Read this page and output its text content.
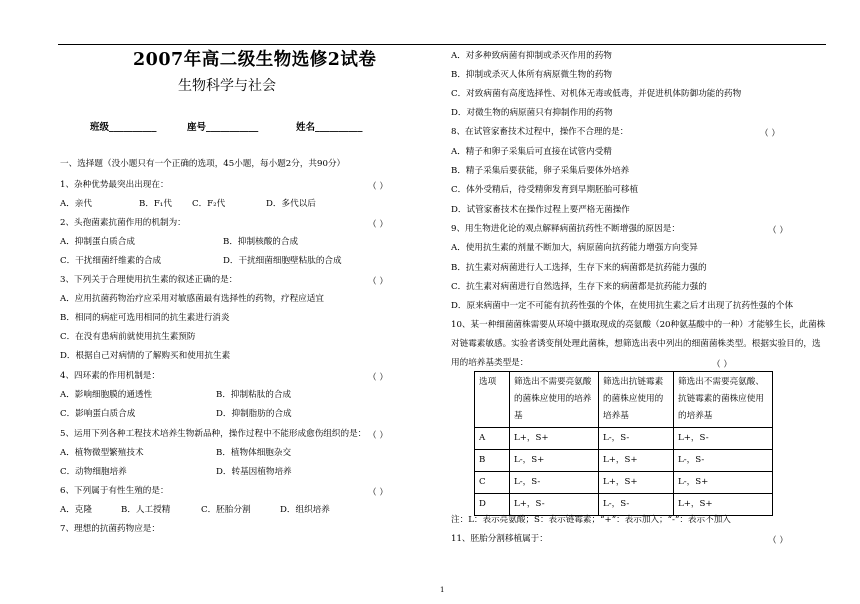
2007年高二级生物选修2试卷
生物科学与社会
班级__________	座号___________	姓名__________
一、选择题（没小题只有一个正确的选项，45小题，每小题2分，共90分）
1、杂种优势最突出出现在：	（ ）
A．亲代	B．F₁代 C．F₂代	D．多代以后
2、头孢菌素抗菌作用的机制为：	（ ）
A．抑制蛋白质合成	B．抑制核酸的合成
C．干扰细菌纤维素的合成	D．干扰细菌细胞壁粘肽的合成
3、下列关于合理使用抗生素的叙述正确的是：	（ ）
A．应用抗菌药物治疗应采用对敏感菌最有选择性的药物，疗程应适宜
B．相同的病症可选用相同的抗生素进行消炎
C．在没有患病前就使用抗生素预防
D．根据自己对病情的了解购买和使用抗生素
4、四环素的作用机制是：	（ ）
A．影响细胞膜的通透性	B．抑制粘肽的合成
C．影响蛋白质合成	D．抑制脂肪的合成
5、运用下列各种工程技术培养生物新品种，操作过程中不能形成愈伤组织的是： （ ）
A．植物微型繁殖技术	B．植物体细胞杂交
C．动物细胞培养	D．转基因植物培养
6、下列属于有性生殖的是：	（ ）
A．克隆	B．人工授精	C．胚胎分割	D．组织培养
7、理想的抗菌药物应是：
A．对多种致病菌有抑制或杀灭作用的药物
B．抑制或杀灭人体所有病原微生物的药物
C．对致病菌有高度选择性、对机体无毒或低毒，并促进机体防御功能的药物
D．对微生物的病原菌只有抑制作用的药物
8、在试管家畜技术过程中，操作不合理的是：	（ ）
A．精子和卵子采集后可直接在试管内受精
B．精子采集后要获能，卵子采集后要体外培养
C．体外受精后，待受精卵发育到早期胚胎可移植
D．试管家畜技术在操作过程上要严格无菌操作
9、用生物进化论的观点解释病菌抗药性不断增强的原因是：	（ ）
A．使用抗生素的剂量不断加大，病原菌向抗药能力增强方向变异
B．抗生素对病菌进行人工选择，生存下来的病菌都是抗药能力强的
C．抗生素对病菌进行自然选择，生存下来的病菌都是抗药能力强的
D．原来病菌中一定不可能有抗药性强的个体，在使用抗生素之后才出现了抗药性强的个体
10、某一种细菌菌株需要从环境中摄取现成的亮氨酸（20种氨基酸中的一种）才能够生长，此菌株
对链霉素敏感。实验者诱变削处理此菌株，想筛选出表中列出的细菌菌株类型。根据实验目的，选
用的培养基类型是：	（ ）
选项	筛选出不需要亮氨酸的菌株应使用的培养基	筛选出抗链霉素的菌株应使用的培养基	筛选出不需要亮氨酸、抗链霉素的菌株应使用的培养基
A	L+，S+	L-，S-	L+，S-
B	L-，S+	L+，S+	L-，S-
C	L-，S-	L+，S+	L-，S+
D	L+，S-	L-，S-	L+，S+
注：L：表示亮氨酸；S：表示链霉素；“+”：表示加入；“-”：表示不加入
11、胚胎分割移植属于：	（ ）
1
